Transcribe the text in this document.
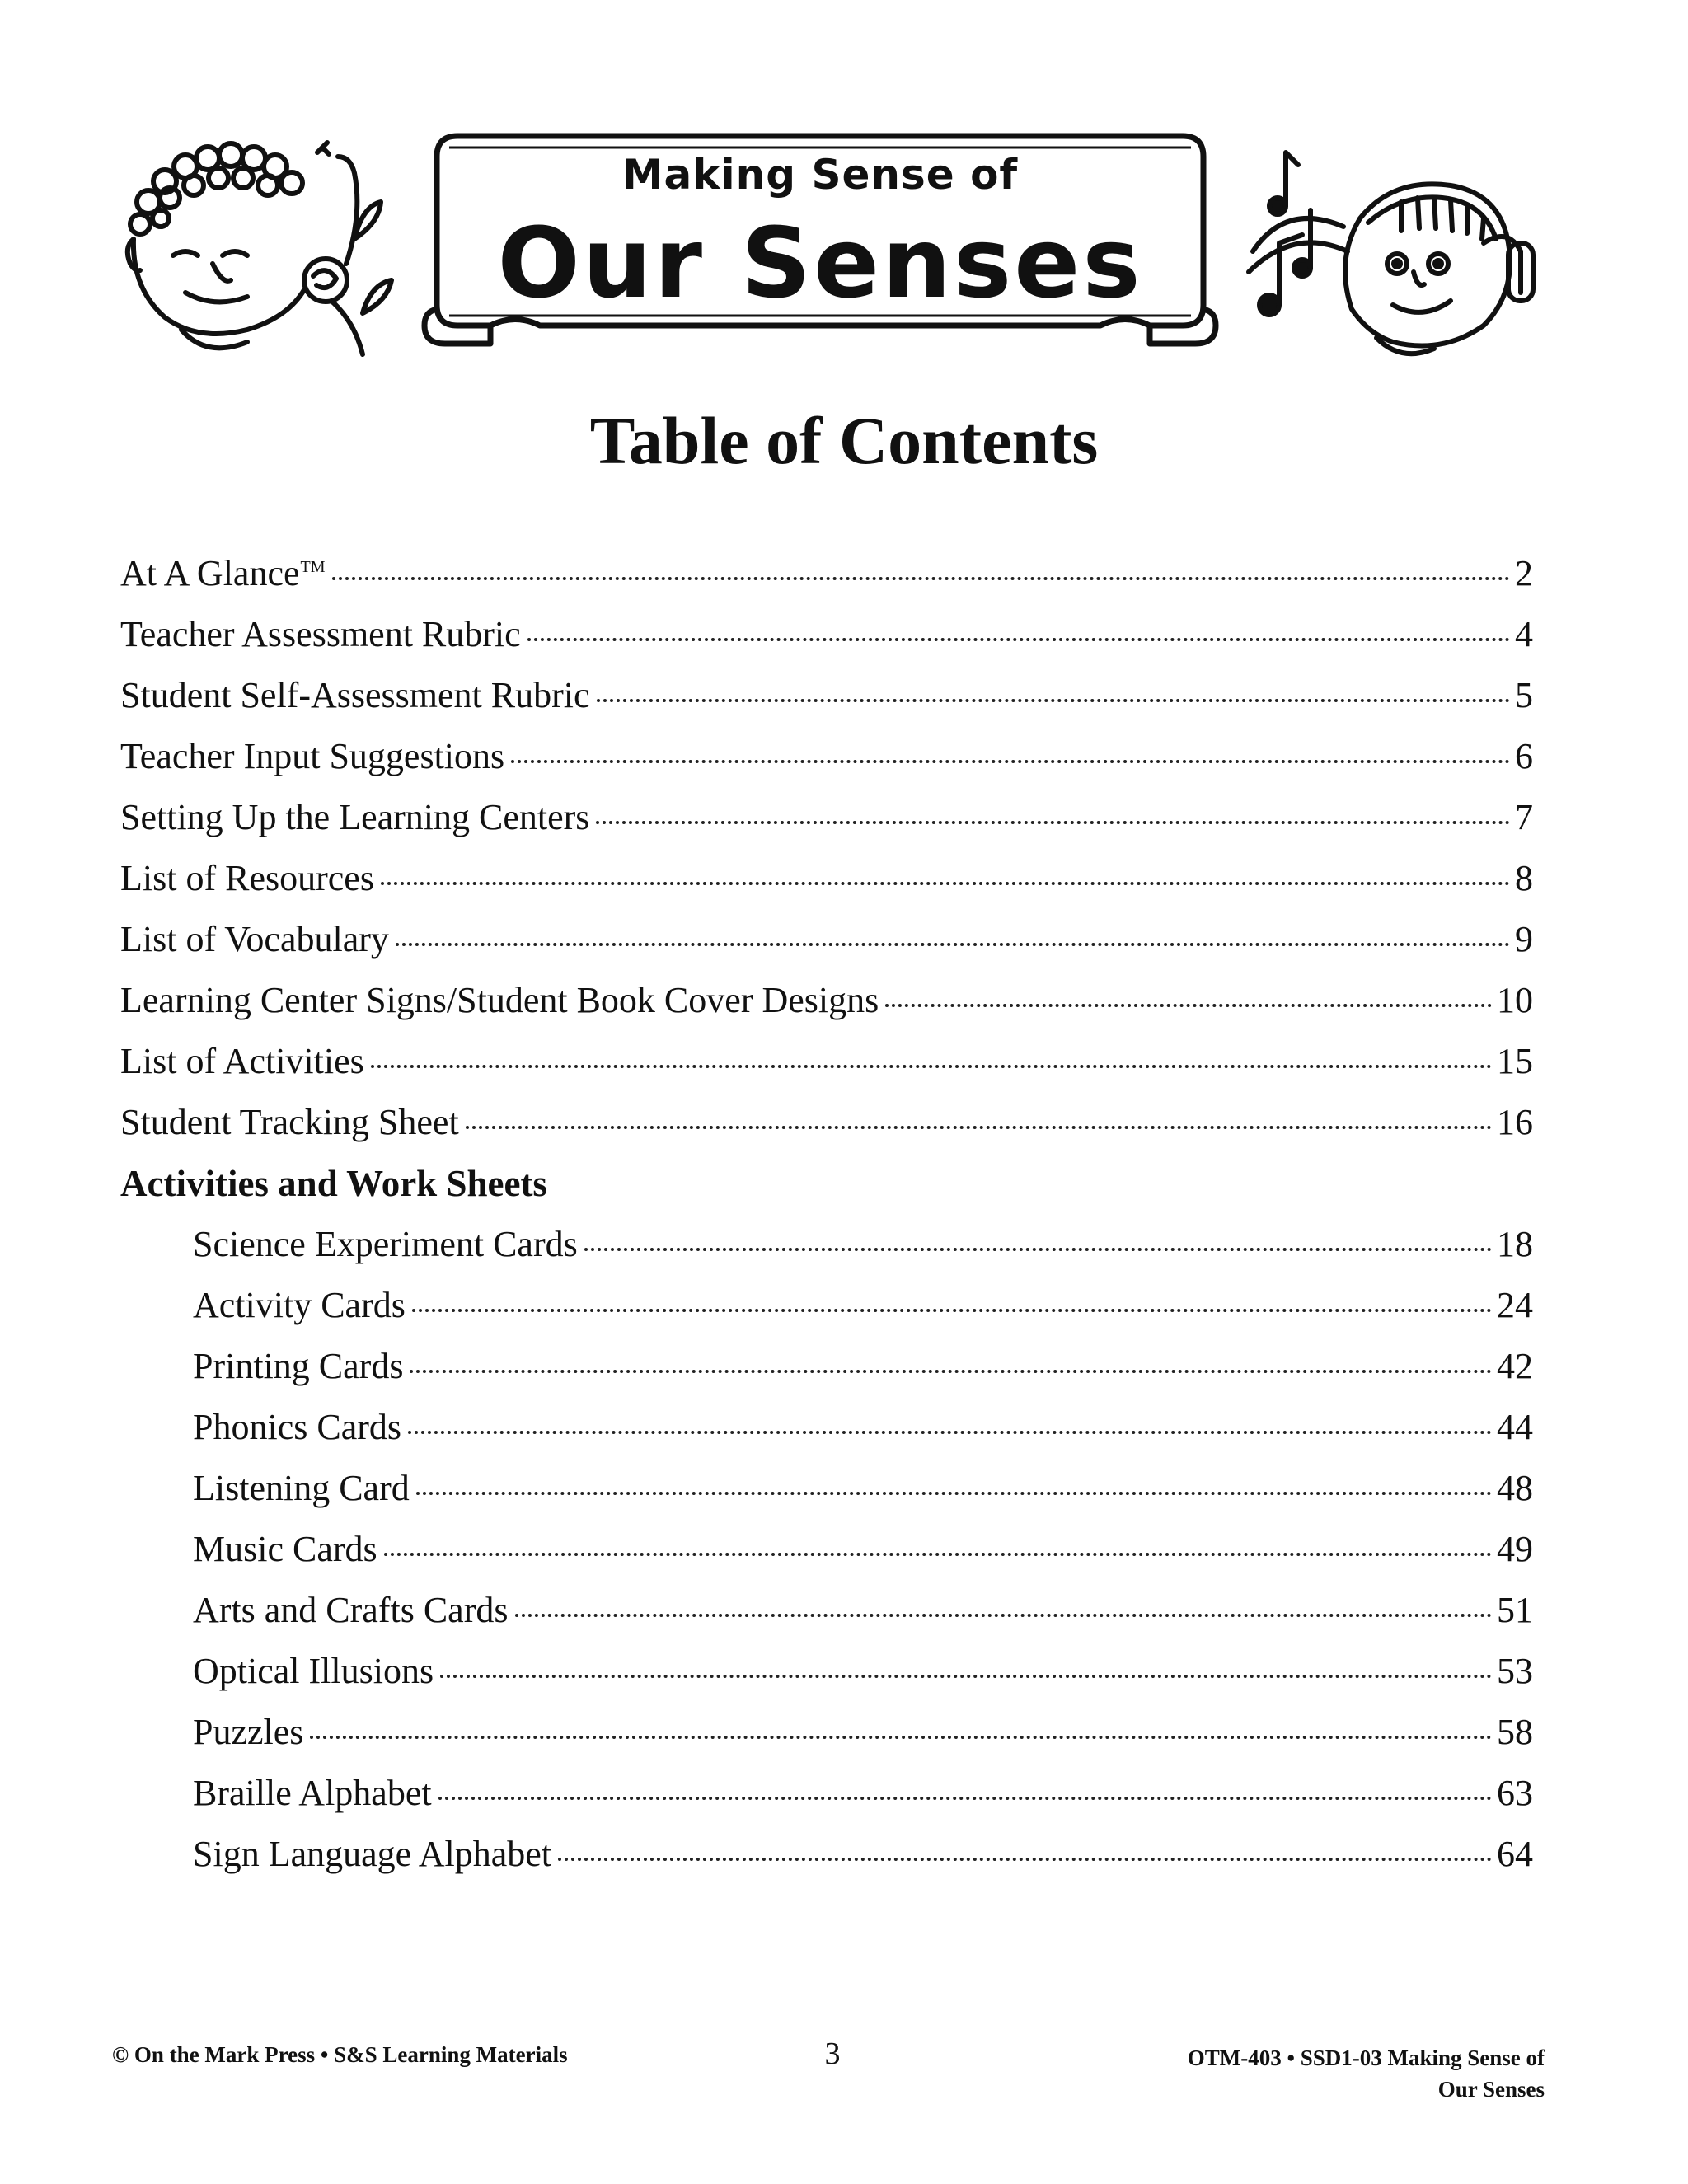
Making Sense of
Our Senses
Table of Contents
At A Glance™	2
Teacher Assessment Rubric	4
Student Self-Assessment Rubric	5
Teacher Input Suggestions	6
Setting Up the Learning Centers	7
List of Resources	8
List of Vocabulary	9
Learning Center Signs/Student Book Cover Designs	10
List of Activities	15
Student Tracking Sheet	16
Activities and Work Sheets
Science Experiment Cards	18
Activity Cards	24
Printing Cards	42
Phonics Cards	44
Listening Card	48
Music Cards	49
Arts and Crafts Cards	51
Optical Illusions	53
Puzzles	58
Braille Alphabet	63
Sign Language Alphabet	64
© On the Mark Press • S&S Learning Materials	3	OTM-403 • SSD1-03 Making Sense of
Our Senses
